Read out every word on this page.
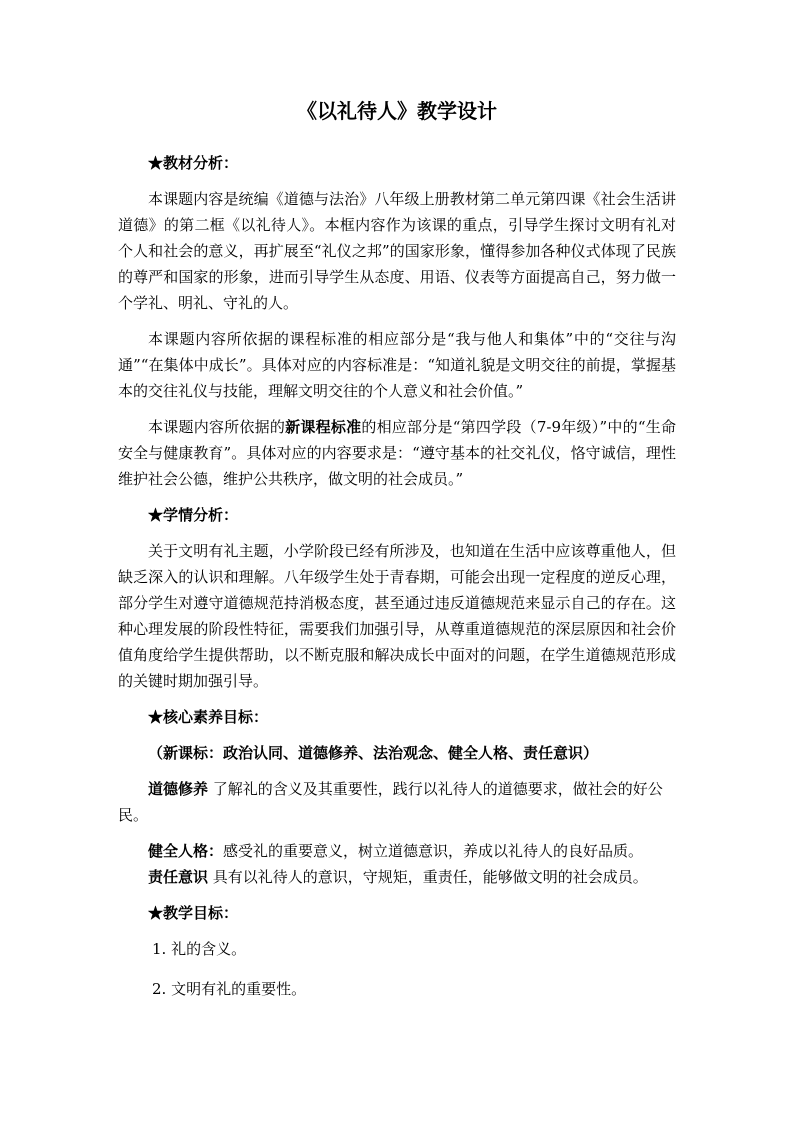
《以礼待人》教学设计
★教材分析：

本课题内容是统编《道德与法治》八年级上册教材第二单元第四课《社会生活讲道德》的第二框《以礼待人》。本框内容作为该课的重点，引导学生探讨文明有礼对个人和社会的意义，再扩展至“礼仪之邦”的国家形象，懂得参加各种仪式体现了民族的尊严和国家的形象，进而引导学生从态度、用语、仪表等方面提高自己，努力做一个学礼、明礼、守礼的人。

本课题内容所依据的课程标准的相应部分是“我与他人和集体”中的“交往与沟通”“在集体中成长”。具体对应的内容标准是：“知道礼貌是文明交往的前提，掌握基本的交往礼仪与技能，理解文明交往的个人意义和社会价值。”

本课题内容所依据的新课程标准的相应部分是“第四学段（7-9年级）”中的“生命安全与健康教育”。具体对应的内容要求是：“遵守基本的社交礼仪，恪守诚信，理性维护社会公德，维护公共秩序，做文明的社会成员。”

★学情分析：

关于文明有礼主题，小学阶段已经有所涉及，也知道在生活中应该尊重他人，但缺乏深入的认识和理解。八年级学生处于青春期，可能会出现一定程度的逆反心理，部分学生对遵守道德规范持消极态度，甚至通过违反道德规范来显示自己的存在。这种心理发展的阶段性特征，需要我们加强引导，从尊重道德规范的深层原因和社会价值角度给学生提供帮助，以不断克服和解决成长中面对的问题，在学生道德规范形成的关键时期加强引导。

★核心素养目标：
（新课标：政治认同、道德修养、法治观念、健全人格、责任意识）

道德修养 了解礼的含义及其重要性，践行以礼待人的道德要求，做社会的好公民。

健全人格：感受礼的重要意义，树立道德意识，养成以礼待人的良好品质。

责任意识 具有以礼待人的意识，守规矩，重责任，能够做文明的社会成员。

★教学目标：
1. 礼的含义。
2. 文明有礼的重要性。
